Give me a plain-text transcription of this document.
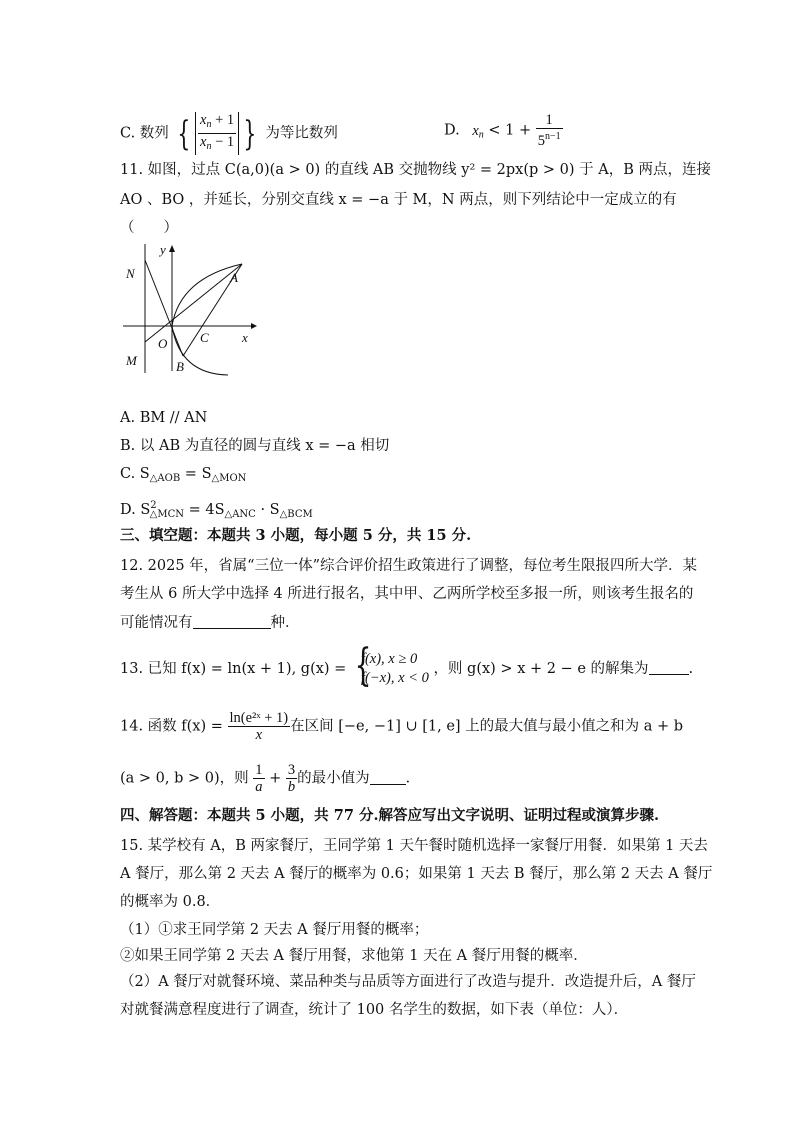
C. 数列 { $\frac{x_n + 1}{x_n - 1}$ } 为等比数列	D. $x_n < 1 + \frac{1}{5^{n-1}}$
11. 如图，过点 C(a,0)(a > 0) 的直线 AB 交抛物线 y² = 2px(p > 0) 于 A，B 两点，连接
AO 、BO ，并延长，分别交直线 x = −a 于 M，N 两点，则下列结论中一定成立的有
（　　）
N
M
A
B
O	C	x
y
A. BM // AN
B. 以 AB 为直径的圆与直线 x = −a 相切
C. $S_{\triangle AOB} = S_{\triangle MON}$
D. $S^2_{\triangle MCN} = 4S_{\triangle ANC} \cdot S_{\triangle BCM}$
三、填空题：本题共 3 小题，每小题 5 分，共 15 分.
12. 2025 年，省属“三位一体”综合评价招生政策进行了调整，每位考生限报四所大学．某
考生从 6 所大学中选择 4 所进行报名，其中甲、乙两所学校至多报一所，则该考生报名的
可能情况有	种．
13. 已知 f(x) = ln(x + 1), g(x) = {
f(x), x ≥ 0
f(−x), x < 0
，则 g(x) > x + 2 − e 的解集为	.
14. 函数 $f(x) = \frac{\text{ln(e²ˣ + 1)}}{x}$ 在区间 [−e, −1] ∪ [1, e] 上的最大值与最小值之和为 a + b
(a > 0, b > 0)，则 $\frac{1}{a} + \frac{3}{b}$ 的最小值为 ．
四、解答题：本题共 5 小题，共 77 分.解答应写出文字说明、证明过程或演算步骤.
15. 某学校有 A，B 两家餐厅，王同学第 1 天午餐时随机选择一家餐厅用餐．如果第 1 天去
A 餐厅，那么第 2 天去 A 餐厅的概率为 0.6；如果第 1 天去 B 餐厅，那么第 2 天去 A 餐厅
的概率为 0.8．
（1）①求王同学第 2 天去 A 餐厅用餐的概率；
②如果王同学第 2 天去 A 餐厅用餐，求他第 1 天在 A 餐厅用餐的概率．
（2）A 餐厅对就餐环境、菜品种类与品质等方面进行了改造与提升．改造提升后，A 餐厅
对就餐满意程度进行了调查，统计了 100 名学生的数据，如下表（单位：人）．
